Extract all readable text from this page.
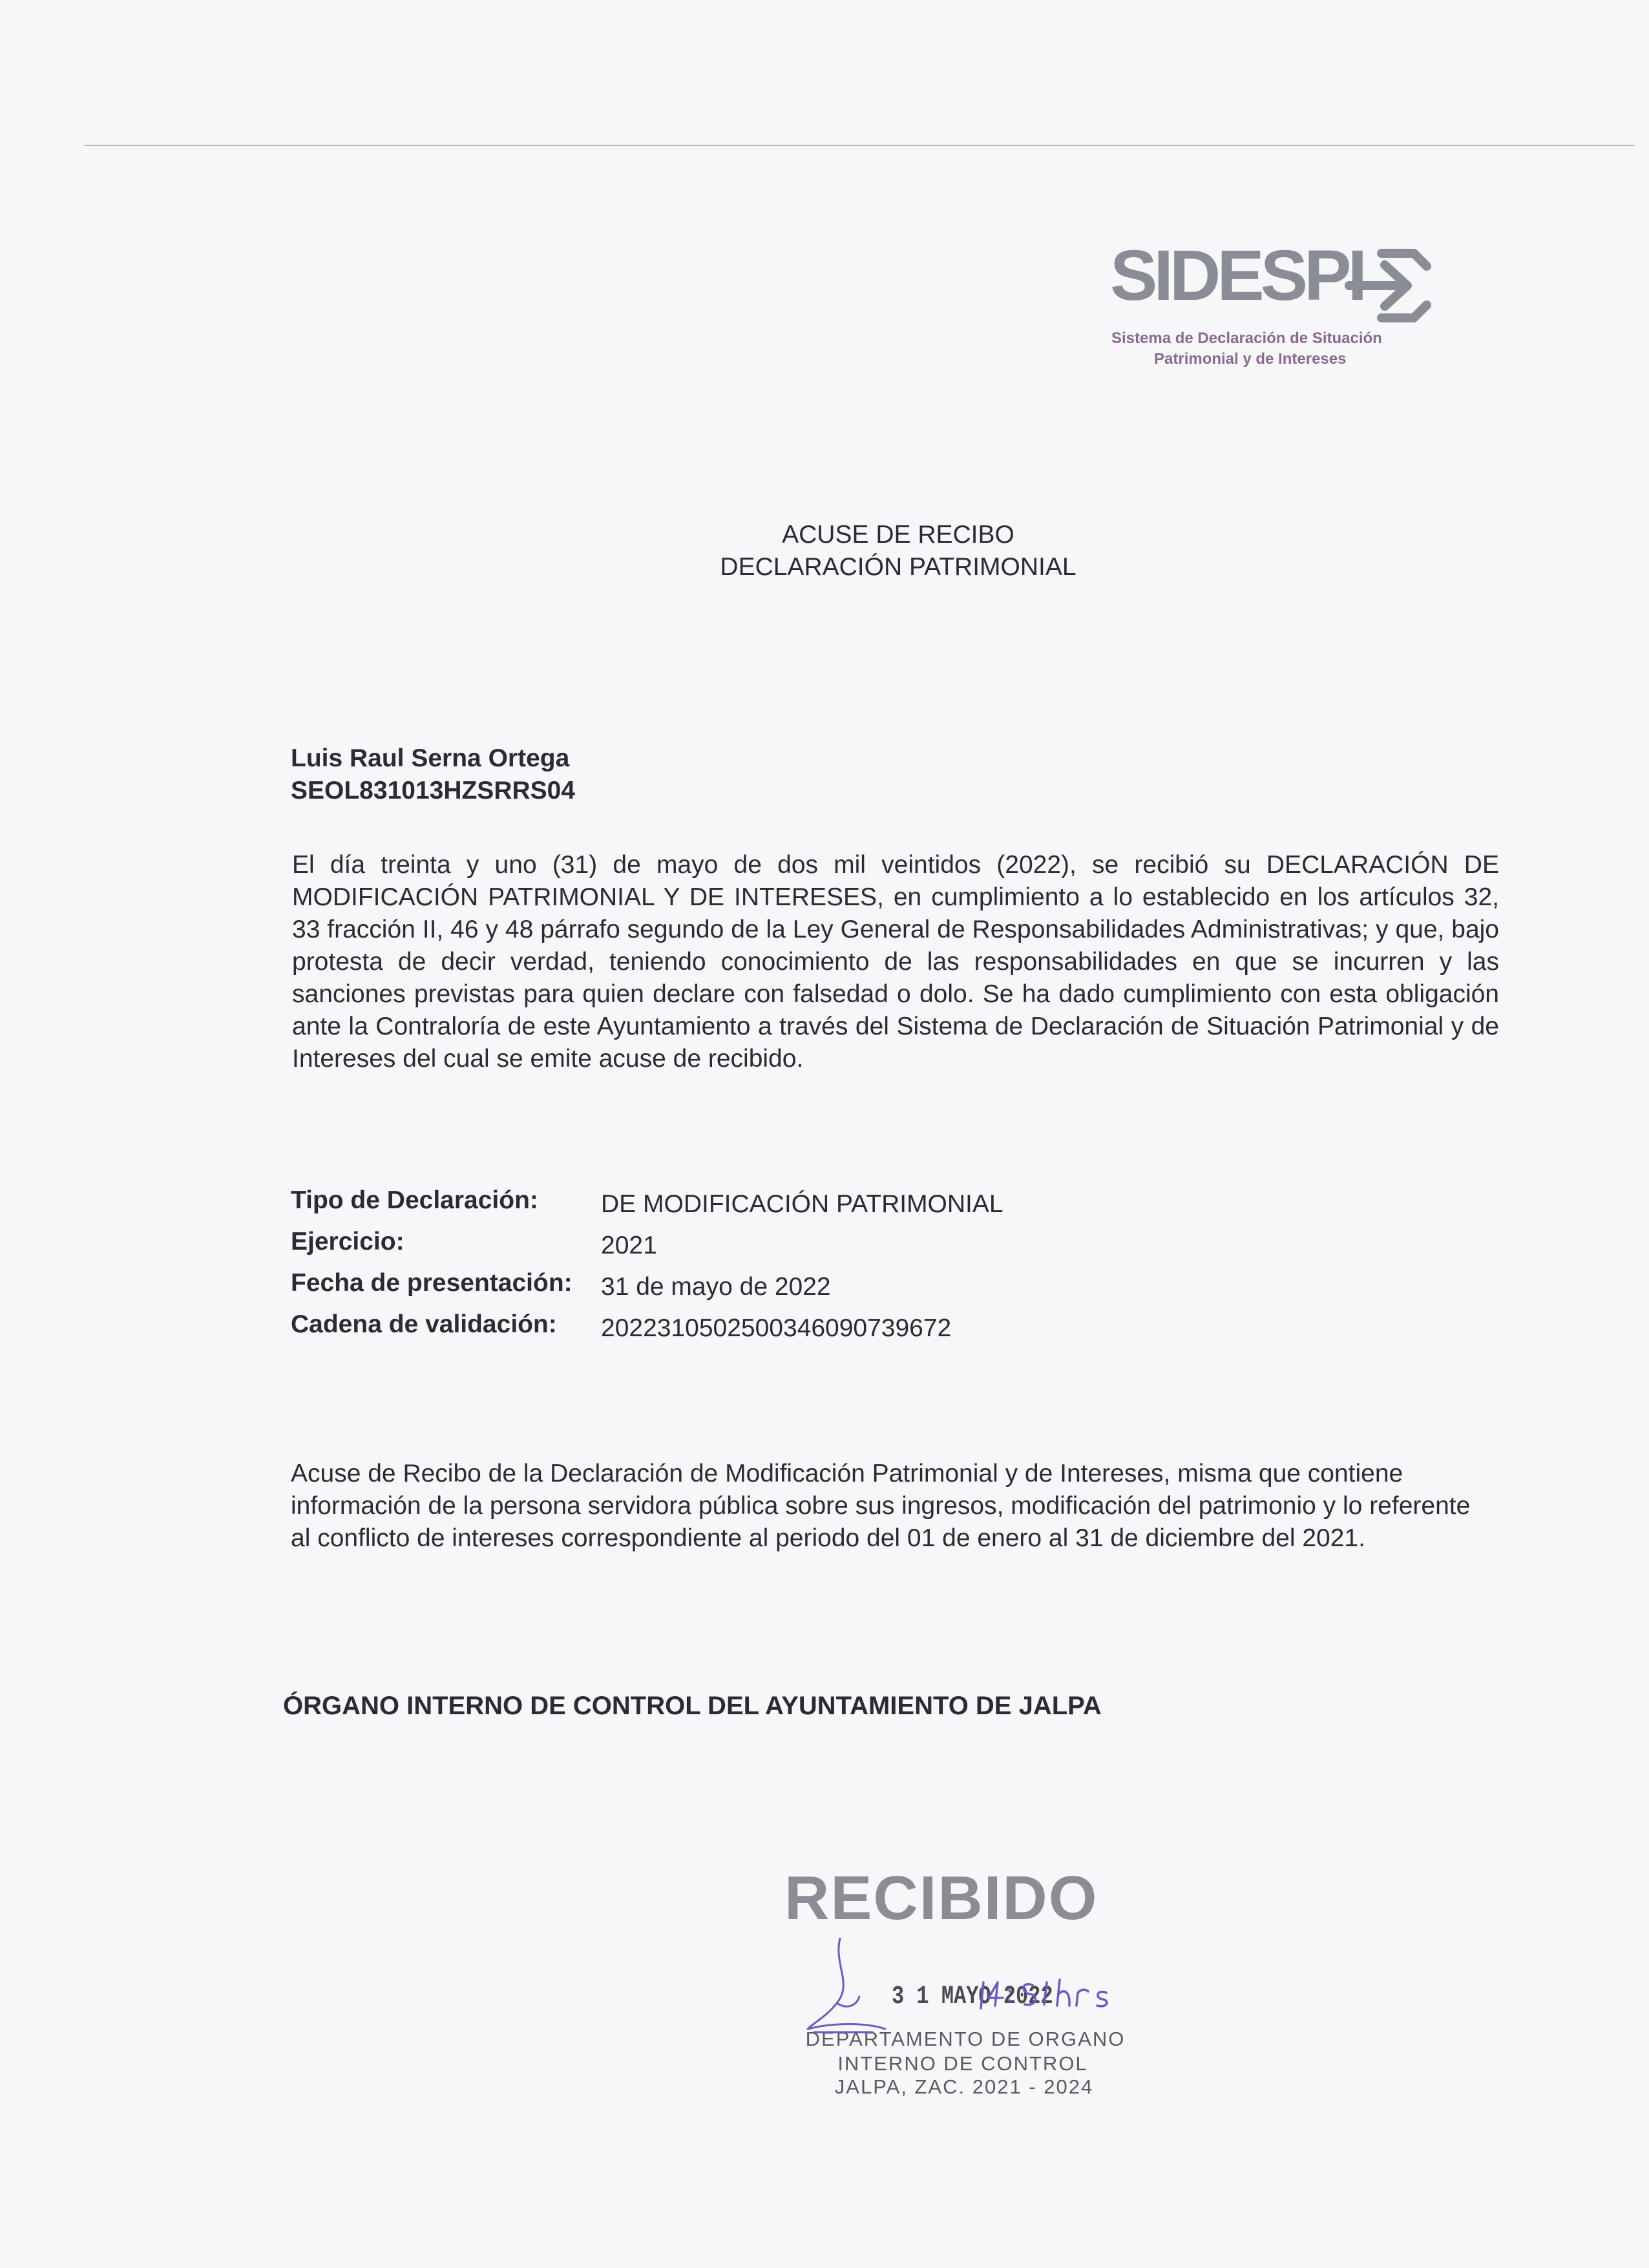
SIDESPI
Sistema de Declaración de Situación
Patrimonial y de Intereses
ACUSE DE RECIBO
DECLARACIÓN PATRIMONIAL
Luis Raul Serna Ortega
SEOL831013HZSRRS04
El día treinta y uno (31) de mayo de dos mil veintidos (2022), se recibió su DECLARACIÓN DE MODIFICACIÓN PATRIMONIAL Y DE INTERESES, en cumplimiento a lo establecido en los artículos 32, 33 fracción II, 46 y 48 párrafo segundo de la Ley General de Responsabilidades Administrativas; y que, bajo protesta de decir verdad, teniendo conocimiento de las responsabilidades en que se incurren y las sanciones previstas para quien declare con falsedad o dolo. Se ha dado cumplimiento con esta obligación ante la Contraloría de este Ayuntamiento a través del Sistema de Declaración de Situación Patrimonial y de Intereses del cual se emite acuse de recibido.
Tipo de Declaración: DE MODIFICACIÓN PATRIMONIAL
Ejercicio:	2021
Fecha de presentación: 31 de mayo de 2022
Cadena de validación: 20223105025003460907396​72
Acuse de Recibo de la Declaración de Modificación Patrimonial y de Intereses, misma que contiene información de la persona servidora pública sobre sus ingresos, modificación del patrimonio y lo referente al conflicto de intereses correspondiente al periodo del 01 de enero al 31 de diciembre del 2021.
ÓRGANO INTERNO DE CONTROL DEL AYUNTAMIENTO DE JALPA
RECIBIDO
3 1 MAYO 2022
DEPARTAMENTO DE ORGANO
INTERNO DE CONTROL
JALPA, ZAC. 2021 - 2024
